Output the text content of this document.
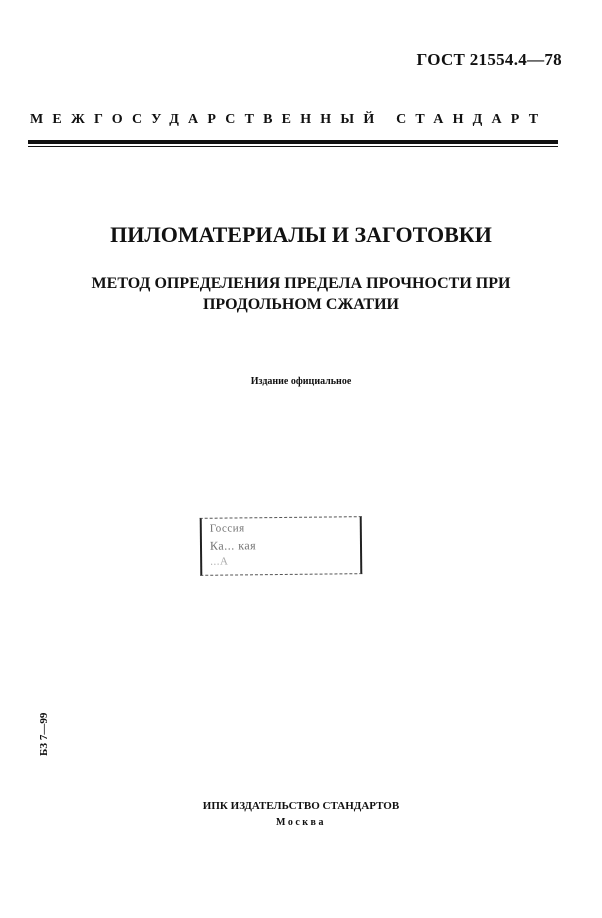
ГОСТ 21554.4—78
МЕЖГОСУДАРСТВЕННЫЙ СТАНДАРТ
ПИЛОМАТЕРИАЛЫ И ЗАГОТОВКИ
МЕТОД ОПРЕДЕЛЕНИЯ ПРЕДЕЛА ПРОЧНОСТИ ПРИ ПРОДОЛЬНОМ СЖАТИИ
Издание официальное
Госсия
Ка... кая
...А
БЗ 7—99
ИПК ИЗДАТЕЛЬСТВО СТАНДАРТОВ
Москва
